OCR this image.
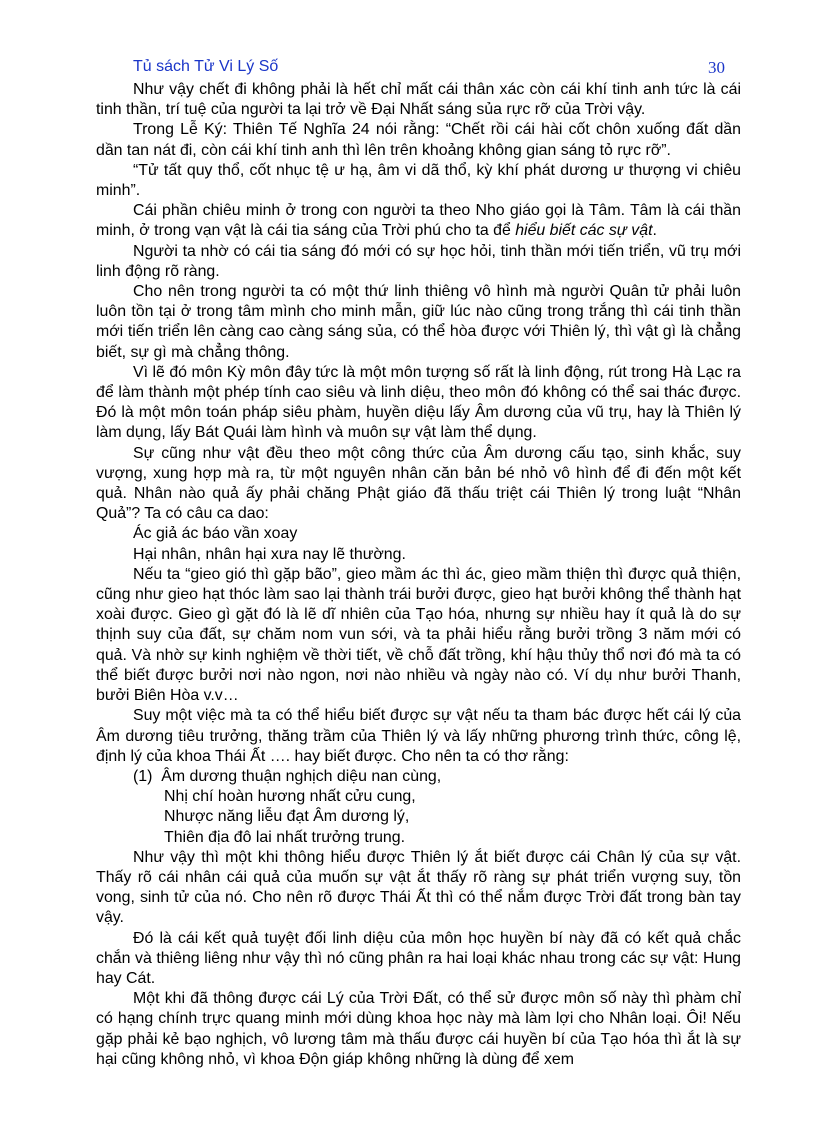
Tủ sách Tử Vi Lý Số	30

Như vậy chết đi không phải là hết chỉ mất cái thân xác còn cái khí tinh anh tức là cái tinh thần, trí tuệ của người ta lại trở về Đại Nhất sáng sủa rực rỡ của Trời vậy.

Trong Lễ Ký: Thiên Tế Nghĩa 24 nói rằng: “Chết rồi cái hài cốt chôn xuống đất dần dần tan nát đi, còn cái khí tinh anh thì lên trên khoảng không gian sáng tỏ rực rỡ”.

“Tử tất quy thổ, cốt nhục tệ ư hạ, âm vi dã thổ, kỳ khí phát dương ư thượng vi chiêu minh”.

Cái phần chiêu minh ở trong con người ta theo Nho giáo gọi là Tâm. Tâm là cái thần minh, ở trong vạn vật là cái tia sáng của Trời phú cho ta để hiểu biết các sự vật.

Người ta nhờ có cái tia sáng đó mới có sự học hỏi, tinh thần mới tiến triển, vũ trụ mới linh động rõ ràng.

Cho nên trong người ta có một thứ linh thiêng vô hình mà người Quân tử phải luôn luôn tồn tại ở trong tâm mình cho minh mẫn, giữ lúc nào cũng trong trắng thì cái tinh thần mới tiến triển lên càng cao càng sáng sủa, có thể hòa được với Thiên lý, thì vật gì là chẳng biết, sự gì mà chẳng thông.

Vì lẽ đó môn Kỳ môn đây tức là một môn tượng số rất là linh động, rút trong Hà Lạc ra để làm thành một phép tính cao siêu và linh diệu, theo môn đó không có thể sai thác được. Đó là một môn toán pháp siêu phàm, huyền diệu lấy Âm dương của vũ trụ, hay là Thiên lý làm dụng, lấy Bát Quái làm hình và muôn sự vật làm thể dụng.

Sự cũng như vật đều theo một công thức của Âm dương cấu tạo, sinh khắc, suy vượng, xung hợp mà ra, từ một nguyên nhân căn bản bé nhỏ vô hình để đi đến một kết quả. Nhân nào quả ấy phải chăng Phật giáo đã thấu triệt cái Thiên lý trong luật “Nhân Quả”? Ta có câu ca dao:

Ác giả ác báo vần xoay
Hại nhân, nhân hại xưa nay lẽ thường.

Nếu ta “gieo gió thì gặp bão”, gieo mầm ác thì ác, gieo mầm thiện thì được quả thiện, cũng như gieo hạt thóc làm sao lại thành trái bưởi được, gieo hạt bưởi không thể thành hạt xoài được. Gieo gì gặt đó là lẽ dĩ nhiên của Tạo hóa, nhưng sự nhiều hay ít quả là do sự thịnh suy của đất, sự chăm nom vun sới, và ta phải hiểu rằng bưởi trồng 3 năm mới có quả. Và nhờ sự kinh nghiệm về thời tiết, về chỗ đất trồng, khí hậu thủy thổ nơi đó mà ta có thể biết được bưởi nơi nào ngon, nơi nào nhiều và ngày nào có. Ví dụ như bưởi Thanh, bưởi Biên Hòa v.v…

Suy một việc mà ta có thể hiểu biết được sự vật nếu ta tham bác được hết cái lý của Âm dương tiêu trưởng, thăng trầm của Thiên lý và lấy những phương trình thức, công lệ, định lý của khoa Thái Ất …. hay biết được. Cho nên ta có thơ rằng:

(1)  Âm dương thuận nghịch diệu nan cùng,
Nhị chí hoàn hương nhất cửu cung,
Nhược năng liễu đạt Âm dương lý,
Thiên địa đô lai nhất trưởng trung.

Như vậy thì một khi thông hiểu được Thiên lý ắt biết được cái Chân lý của sự vật. Thấy rõ cái nhân cái quả của muốn sự vật ắt thấy rõ ràng sự phát triển vượng suy, tồn vong, sinh tử của nó. Cho nên rõ được Thái Ất thì có thể nắm được Trời đất trong bàn tay vậy.

Đó là cái kết quả tuyệt đối linh diệu của môn học huyền bí này đã có kết quả chắc chắn và thiêng liêng như vậy thì nó cũng phân ra hai loại khác nhau trong các sự vật: Hung hay Cát.

Một khi đã thông được cái Lý của Trời Đất, có thể sử được môn số này thì phàm chỉ có hạng chính trực quang minh mới dùng khoa học này mà làm lợi cho Nhân loại. Ôi! Nếu gặp phải kẻ bạo nghịch, vô lương tâm mà thấu được cái huyền bí của Tạo hóa thì ắt là sự hại cũng không nhỏ, vì khoa Độn giáp không những là dùng để xem
